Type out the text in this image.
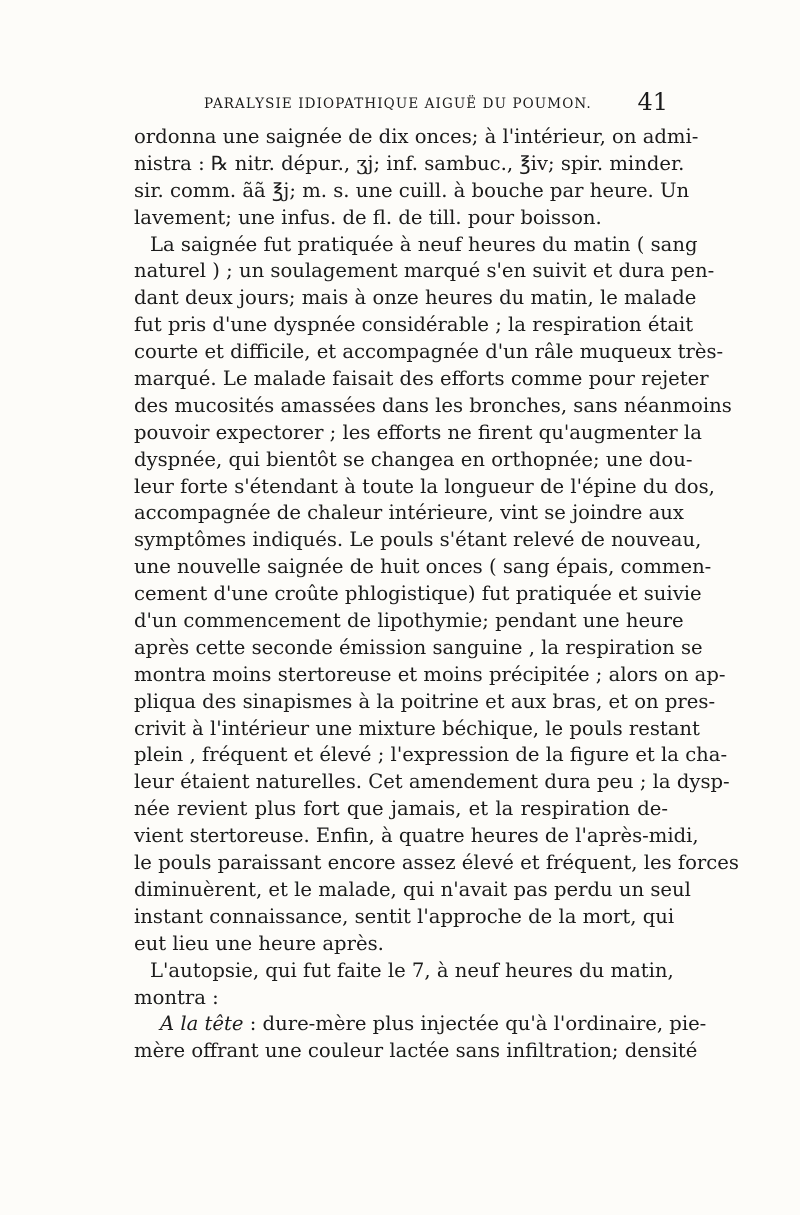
PARALYSIE IDIOPATHIQUE AIGUË DU POUMON. 41
ordonna une saignée de dix onces; à l'intérieur, on admi-
nistra : ℞ nitr. dépur., ʒj; inf. sambuc., ℥iv; spir. minder.
sir. comm. ãã ℥j; m. s. une cuill. à bouche par heure. Un
lavement; une infus. de fl. de till. pour boisson.
La saignée fut pratiquée à neuf heures du matin ( sang
naturel ) ; un soulagement marqué s'en suivit et dura pen-
dant deux jours; mais à onze heures du matin, le malade
fut pris d'une dyspnée considérable ; la respiration était
courte et difficile, et accompagnée d'un râle muqueux très-
marqué. Le malade faisait des efforts comme pour rejeter
des mucosités amassées dans les bronches, sans néanmoins
pouvoir expectorer ; les efforts ne firent qu'augmenter la
dyspnée, qui bientôt se changea en orthopnée; une dou-
leur forte s'étendant à toute la longueur de l'épine du dos,
accompagnée de chaleur intérieure, vint se joindre aux
symptômes indiqués. Le pouls s'étant relevé de nouveau,
une nouvelle saignée de huit onces ( sang épais, commen-
cement d'une croûte phlogistique) fut pratiquée et suivie
d'un commencement de lipothymie; pendant une heure
après cette seconde émission sanguine , la respiration se
montra moins stertoreuse et moins précipitée ; alors on ap-
pliqua des sinapismes à la poitrine et aux bras, et on pres-
crivit à l'intérieur une mixture béchique, le pouls restant
plein , fréquent et élevé ; l'expression de la figure et la cha-
leur étaient naturelles. Cet amendement dura peu ; la dysp-
née revient plus fort que jamais, et la respiration de-
vient stertoreuse. Enfin, à quatre heures de l'après-midi,
le pouls paraissant encore assez élevé et fréquent, les forces
diminuèrent, et le malade, qui n'avait pas perdu un seul
instant connaissance, sentit l'approche de la mort, qui
eut lieu une heure après.
L'autopsie, qui fut faite le 7, à neuf heures du matin,
montra :
A la tête : dure-mère plus injectée qu'à l'ordinaire, pie-
mère offrant une couleur lactée sans infiltration; densité
